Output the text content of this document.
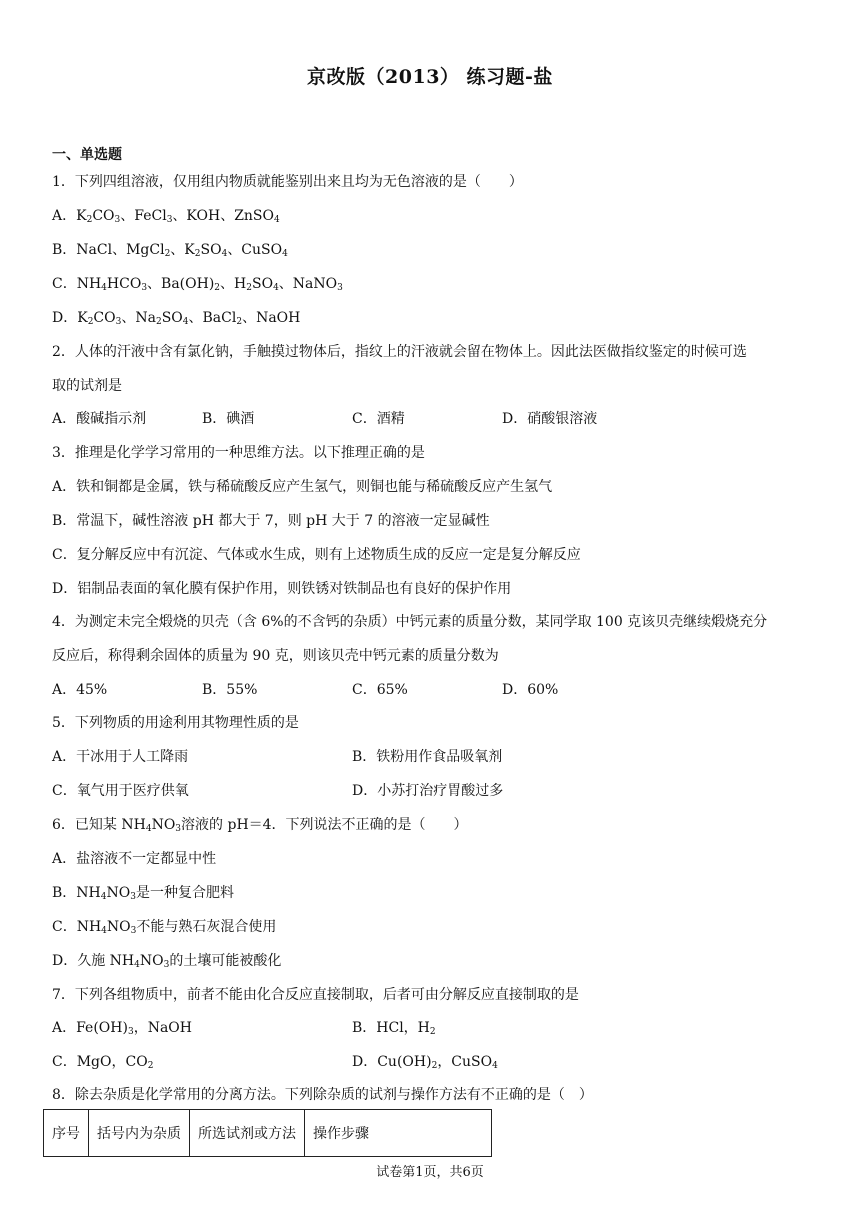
京改版（2013） 练习题-盐
一、单选题
1．下列四组溶液，仅用组内物质就能鉴别出来且均为无色溶液的是（　　）
A．$K_2CO_3$、FeCl$_3$、KOH、ZnSO$_4$
B．NaCl、MgCl$_2$、$K_2SO_4$、CuSO$_4$
C．$NH_4HCO_3$、$Ba(OH)_2$、$H_2SO_4$、NaNO$_3$
D．$K_2CO_3$、$Na_2SO_4$、BaCl$_2$、NaOH
2．人体的汗液中含有氯化钠，手触摸过物体后，指纹上的汗液就会留在物体上。因此法医做指纹鉴定的时候可选
取的试剂是
A．酸碱指示剂	B．碘酒	C．酒精	D．硝酸银溶液
3．推理是化学学习常用的一种思维方法。以下推理正确的是
A．铁和铜都是金属，铁与稀硫酸反应产生氢气，则铜也能与稀硫酸反应产生氢气
B．常温下，碱性溶液 pH 都大于 7，则 pH 大于 7 的溶液一定显碱性
C．复分解反应中有沉淀、气体或水生成，则有上述物质生成的反应一定是复分解反应
D．铝制品表面的氧化膜有保护作用，则铁锈对铁制品也有良好的保护作用
4．为测定未完全煅烧的贝壳（含 6%的不含钙的杂质）中钙元素的质量分数，某同学取 100 克该贝壳继续煅烧充分
反应后，称得剩余固体的质量为 90 克，则该贝壳中钙元素的质量分数为
A．45%	B．55%	C．65%	D．60%
5．下列物质的用途利用其物理性质的是
A．干冰用于人工降雨	B．铁粉用作食品吸氧剂
C．氧气用于医疗供氧	D．小苏打治疗胃酸过多
6．已知某 $NH_4NO_3$溶液的 pH＝4．下列说法不正确的是（　　）
A．盐溶液不一定都显中性
B．$NH_4NO_3$是一种复合肥料
C．$NH_4NO_3$不能与熟石灰混合使用
D．久施 $NH_4NO_3$的土壤可能被酸化
7．下列各组物质中，前者不能由化合反应直接制取，后者可由分解反应直接制取的是
A．$Fe(OH)_3$，NaOH	B．HCl，$H_2$
C．MgO，$CO_2$	D．$Cu(OH)_2$，CuSO$_4$
8．除去杂质是化学常用的分离方法。下列除杂质的试剂与操作方法有不正确的是（　）
序号	括号内为杂质	所选试剂或方法	操作步骤
试卷第1页，共6页
